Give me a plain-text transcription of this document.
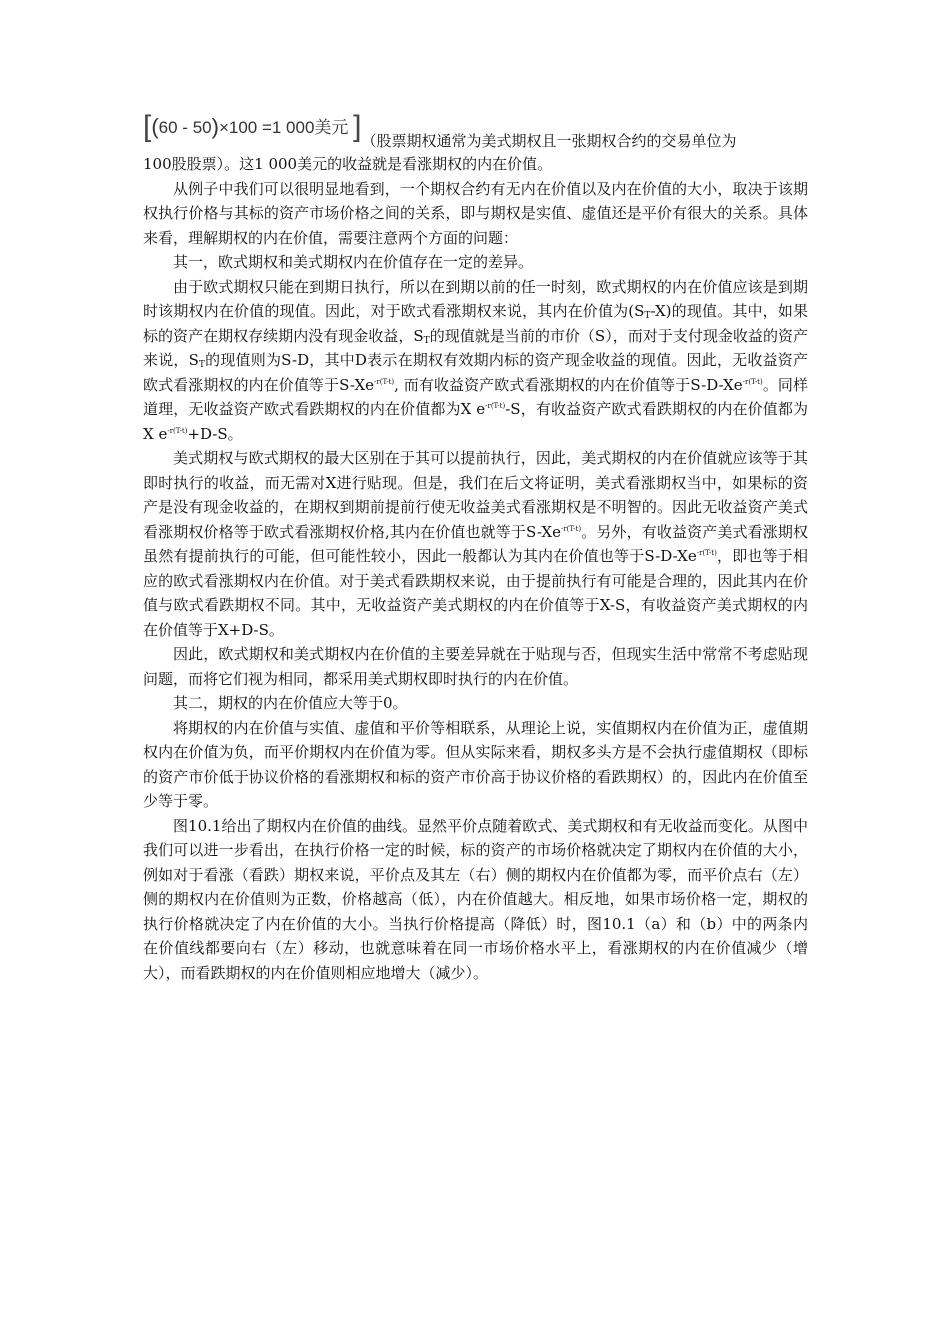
[(60 - 50)×100 =1 000美元 ]（股票期权通常为美式期权且一张期权合约的交易单位为

100股股票）。这1 000美元的收益就是看涨期权的内在价值。

从例子中我们可以很明显地看到，一个期权合约有无内在价值以及内在价值的大小，取决于该期权执行价格与其标的资产市场价格之间的关系，即与期权是实值、虚值还是平价有很大的关系。具体来看，理解期权的内在价值，需要注意两个方面的问题：

其一，欧式期权和美式期权内在价值存在一定的差异。

由于欧式期权只能在到期日执行，所以在到期以前的任一时刻，欧式期权的内在价值应该是到期时该期权内在价值的现值。因此，对于欧式看涨期权来说，其内在价值为$(S_T-X)$的现值。其中，如果标的资产在期权存续期内没有现金收益，$S_T$的现值就是当前的市价（S），而对于支付现金收益的资产来说，$S_T$的现值则为S-D，其中D表示在期权有效期内标的资产现金收益的现值。因此，无收益资产欧式看涨期权的内在价值等于$S-Xe^{-r(T-t)}$, 而有收益资产欧式看涨期权的内在价值等于$S-D-Xe^{-r(T-t)}$。同样道理，无收益资产欧式看跌期权的内在价值都为X $e^{-r(T-t)}-S$，有收益资产欧式看跌期权的内在价值都为X $e^{-r(T-t)}+D-S$。

美式期权与欧式期权的最大区别在于其可以提前执行，因此，美式期权的内在价值就应该等于其即时执行的收益，而无需对X进行贴现。但是，我们在后文将证明，美式看涨期权当中，如果标的资产是没有现金收益的，在期权到期前提前行使无收益美式看涨期权是不明智的。因此无收益资产美式看涨期权价格等于欧式看涨期权价格,其内在价值也就等于$S-Xe^{-r(T-t)}$。另外，有收益资产美式看涨期权虽然有提前执行的可能，但可能性较小，因此一般都认为其内在价值也等于$S-D-Xe^{-r(T-t)}$，即也等于相应的欧式看涨期权内在价值。对于美式看跌期权来说，由于提前执行有可能是合理的，因此其内在价值与欧式看跌期权不同。其中，无收益资产美式期权的内在价值等于X-S，有收益资产美式期权的内在价值等于X+D-S。

因此，欧式期权和美式期权内在价值的主要差异就在于贴现与否，但现实生活中常常不考虑贴现问题，而将它们视为相同，都采用美式期权即时执行的内在价值。

其二，期权的内在价值应大等于0。

将期权的内在价值与实值、虚值和平价等相联系，从理论上说，实值期权内在价值为正，虚值期权内在价值为负，而平价期权内在价值为零。但从实际来看，期权多头方是不会执行虚值期权（即标的资产市价低于协议价格的看涨期权和标的资产市价高于协议价格的看跌期权）的，因此内在价值至少等于零。

图10.1给出了期权内在价值的曲线。显然平价点随着欧式、美式期权和有无收益而变化。从图中我们可以进一步看出，在执行价格一定的时候，标的资产的市场价格就决定了期权内在价值的大小，例如对于看涨（看跌）期权来说，平价点及其左（右）侧的期权内在价值都为零，而平价点右（左）侧的期权内在价值则为正数，价格越高（低），内在价值越大。相反地，如果市场价格一定，期权的执行价格就决定了内在价值的大小。当执行价格提高（降低）时，图10.1（a）和（b）中的两条内在价值线都要向右（左）移动，也就意味着在同一市场价格水平上，看涨期权的内在价值减少（增大），而看跌期权的内在价值则相应地增大（减少）。
